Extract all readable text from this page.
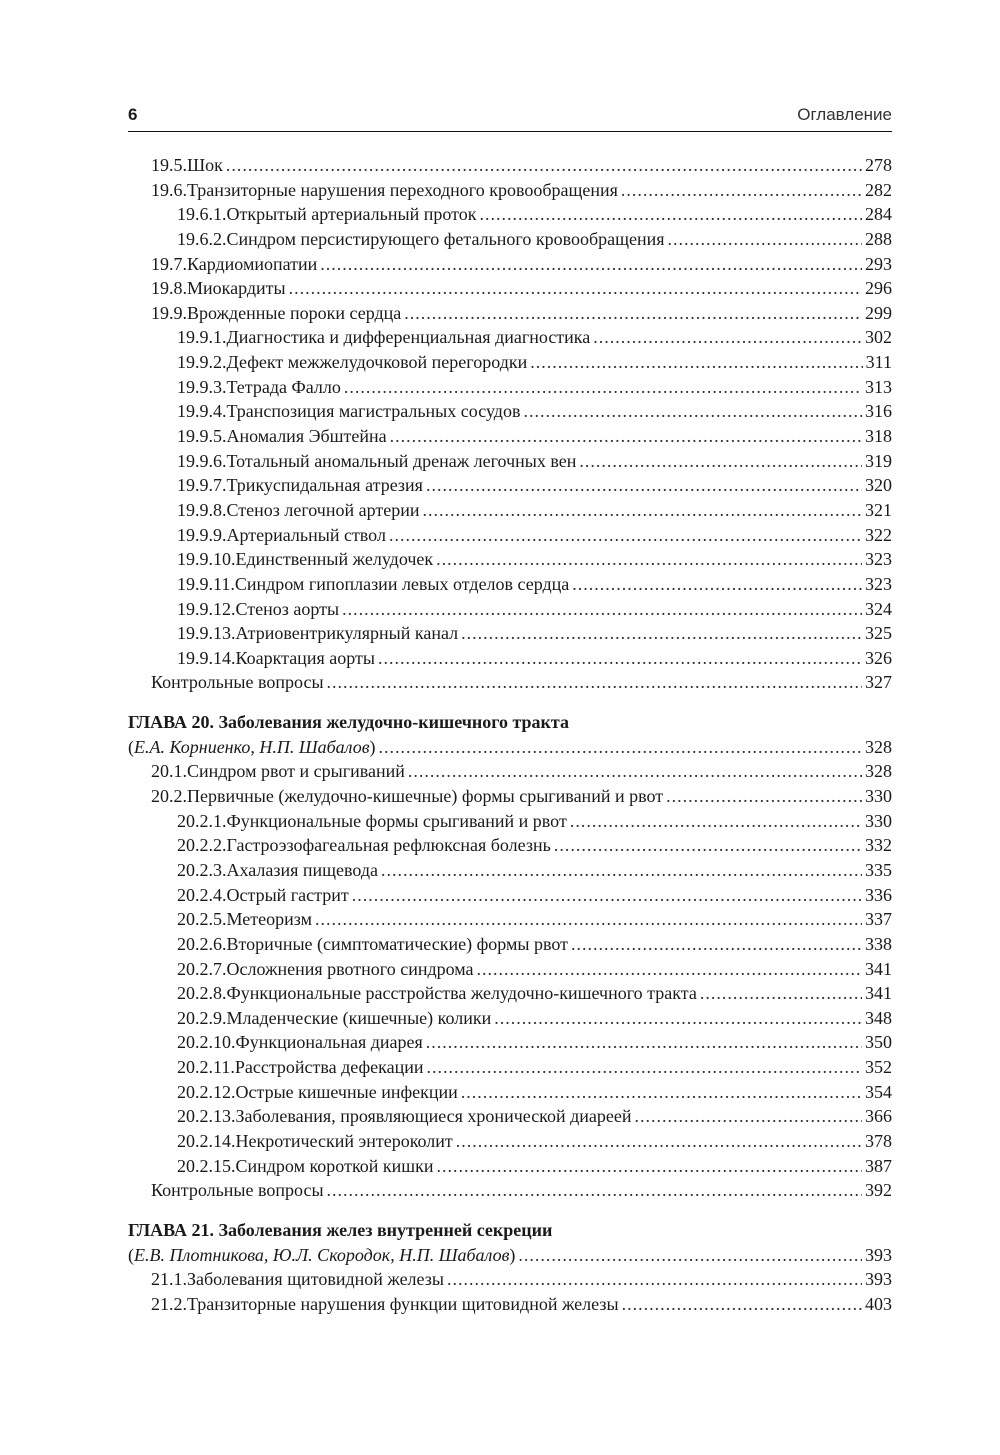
6	Оглавление
19.5. Шок .....	278
19.6. Транзиторные нарушения переходного кровообращения .....	282
19.6.1. Открытый артериальный проток .....	284
19.6.2. Синдром персистирующего фетального кровообращения .....	288
19.7. Кардиомиопатии .....	293
19.8. Миокардиты .....	296
19.9. Врожденные пороки сердца .....	299
19.9.1. Диагностика и дифференциальная диагностика .....	302
19.9.2. Дефект межжелудочковой перегородки .....	311
19.9.3. Тетрада Фалло .....	313
19.9.4. Транспозиция магистральных сосудов .....	316
19.9.5. Аномалия Эбштейна .....	318
19.9.6. Тотальный аномальный дренаж легочных вен .....	319
19.9.7. Трикуспидальная атрезия .....	320
19.9.8. Стеноз легочной артерии .....	321
19.9.9. Артериальный ствол .....	322
19.9.10. Единственный желудочек .....	323
19.9.11. Синдром гипоплазии левых отделов сердца .....	323
19.9.12. Стеноз аорты .....	324
19.9.13. Атриовентрикулярный канал .....	325
19.9.14. Коарктация аорты .....	326
Контрольные вопросы .....	327
ГЛАВА 20. Заболевания желудочно-кишечного тракта
( Е.А. Корниенко, Н.П. Шабалов ) .....	328
20.1. Синдром рвот и срыгиваний .....	328
20.2. Первичные (желудочно-кишечные) формы срыгиваний и рвот .....	330
20.2.1. Функциональные формы срыгиваний и рвот .....	330
20.2.2. Гастроэзофагеальная рефлюксная болезнь .....	332
20.2.3. Ахалазия пищевода .....	335
20.2.4. Острый гастрит .....	336
20.2.5. Метеоризм .....	337
20.2.6. Вторичные (симптоматические) формы рвот .....	338
20.2.7. Осложнения рвотного синдрома .....	341
20.2.8. Функциональные расстройства желудочно-кишечного тракта .....	341
20.2.9. Младенческие (кишечные) колики .....	348
20.2.10. Функциональная диарея .....	350
20.2.11. Расстройства дефекации .....	352
20.2.12. Острые кишечные инфекции .....	354
20.2.13. Заболевания, проявляющиеся хронической диареей .....	366
20.2.14. Некротический энтероколит .....	378
20.2.15. Синдром короткой кишки .....	387
Контрольные вопросы .....	392
ГЛАВА 21. Заболевания желез внутренней секреции
( Е.В. Плотникова, Ю.Л. Скородок, Н.П. Шабалов ) .....	393
21.1. Заболевания щитовидной железы .....	393
21.2. Транзиторные нарушения функции щитовидной железы .....	403
